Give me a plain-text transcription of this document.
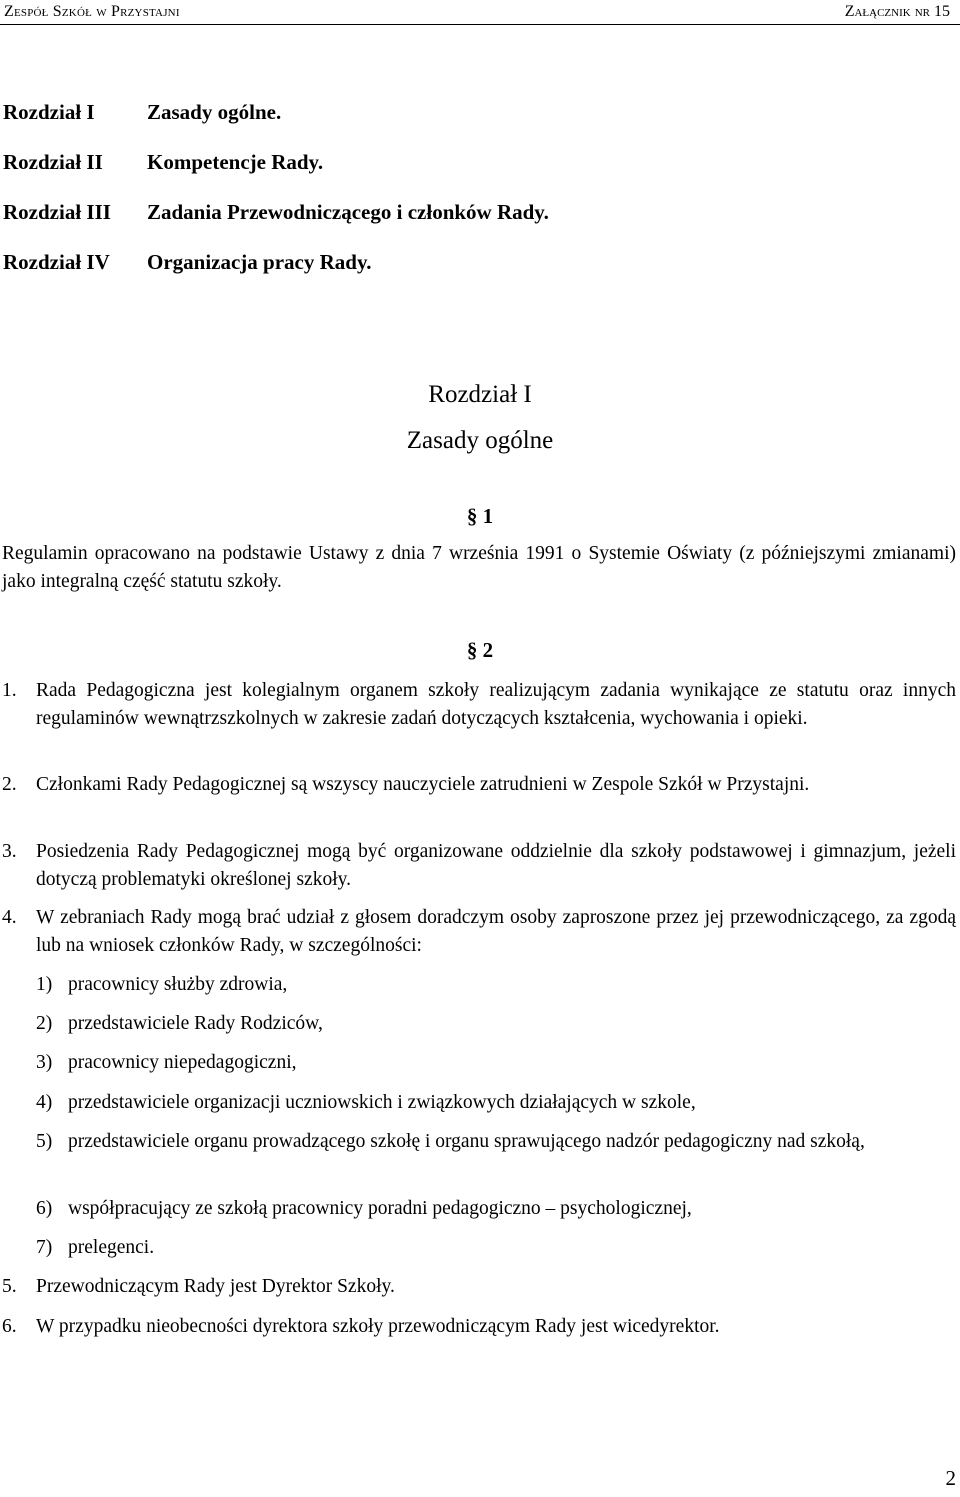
Zespół Szkół w Przystajni	Załącznik nr 15
Rozdział I Zasady ogólne.
Rozdział II Kompetencje Rady.
Rozdział III Zadania Przewodniczącego i członków Rady.
Rozdział IV Organizacja pracy Rady.
Rozdział I
Zasady ogólne
§ 1
Regulamin opracowano na podstawie Ustawy z dnia 7 września 1991 o Systemie Oświaty (z późniejszymi zmianami) jako integralną część statutu szkoły.
§ 2
1. Rada Pedagogiczna jest kolegialnym organem szkoły realizującym zadania wynikające ze statutu oraz innych regulaminów wewnątrzszkolnych w zakresie zadań dotyczących kształcenia, wychowania i opieki.
2. Członkami Rady Pedagogicznej są wszyscy nauczyciele zatrudnieni w Zespole Szkół w Przystajni.
3. Posiedzenia Rady Pedagogicznej mogą być organizowane oddzielnie dla szkoły podstawowej i gimnazjum, jeżeli dotyczą problematyki określonej szkoły.
4. W zebraniach Rady mogą brać udział z głosem doradczym osoby zaproszone przez jej przewodniczącego, za zgodą lub na wniosek członków Rady, w szczególności:
1) pracownicy służby zdrowia,
2) przedstawiciele Rady Rodziców,
3) pracownicy niepedagogiczni,
4) przedstawiciele organizacji uczniowskich i związkowych działających w szkole,
5) przedstawiciele organu prowadzącego szkołę i organu sprawującego nadzór pedagogiczny nad szkołą,
6) współpracujący ze szkołą pracownicy poradni pedagogiczno – psychologicznej,
7) prelegenci.
5. Przewodniczącym Rady jest Dyrektor Szkoły.
6. W przypadku nieobecności dyrektora szkoły przewodniczącym Rady jest wicedyrektor.
2
